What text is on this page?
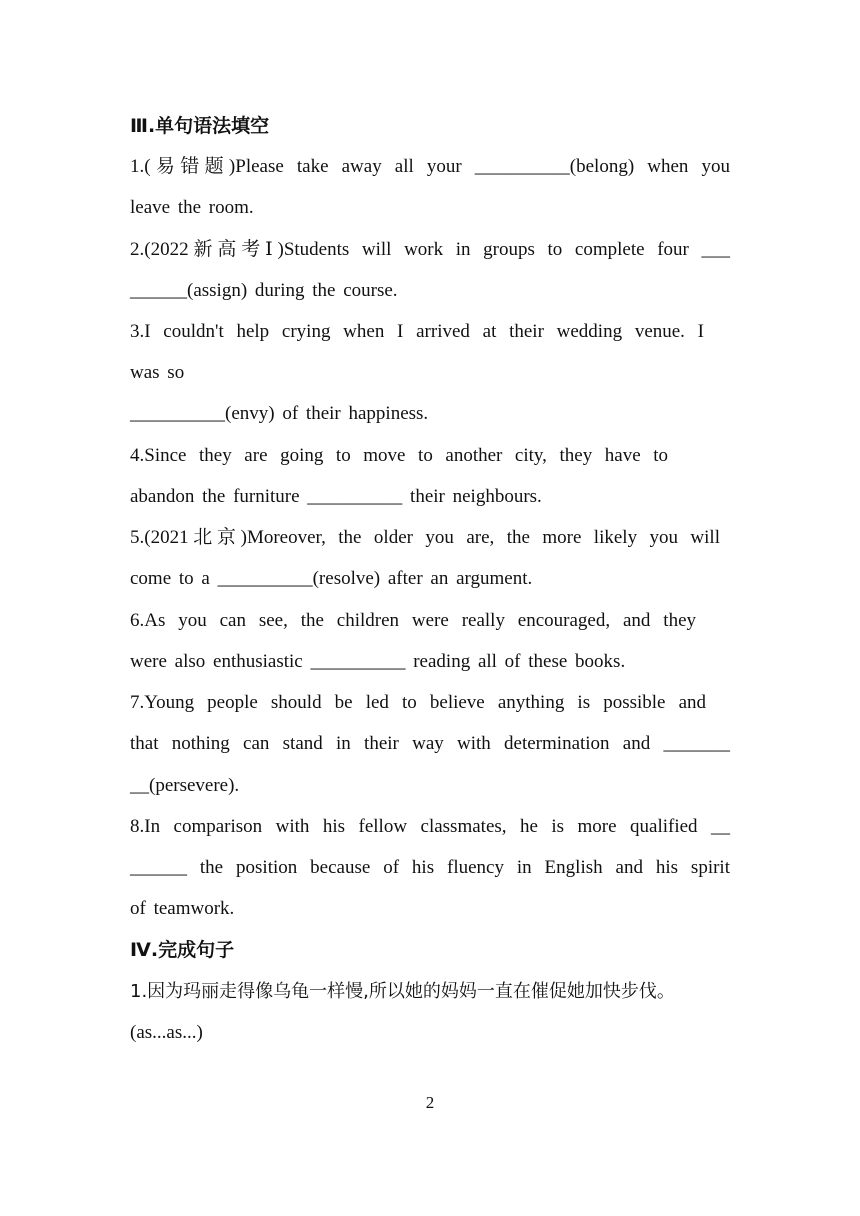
Ⅲ.单句语法填空
1.(易错题)Please take away all your __________(belong) when you
leave the room.
2.(2022新高考Ⅰ)Students will work in groups to complete four ___
______(assign) during the course.
3.I couldn't help crying when I arrived at their wedding venue. I
was so
__________(envy) of their happiness.
4.Since they are going to move to another city, they have to
abandon the furniture __________ their neighbours.
5.(2021北京)Moreover, the older you are, the more likely you will
come to a __________(resolve) after an argument.
6.As you can see, the children were really encouraged, and they
were also enthusiastic __________ reading all of these books.
7.Young people should be led to believe anything is possible and
that nothing can stand in their way with determination and _______
__(persevere).
8.In comparison with his fellow classmates, he is more qualified __
______ the position because of his fluency in English and his spirit
of teamwork.
Ⅳ.完成句子
1.因为玛丽走得像乌龟一样慢,所以她的妈妈一直在催促她加快步伐。
(as...as...)
2
